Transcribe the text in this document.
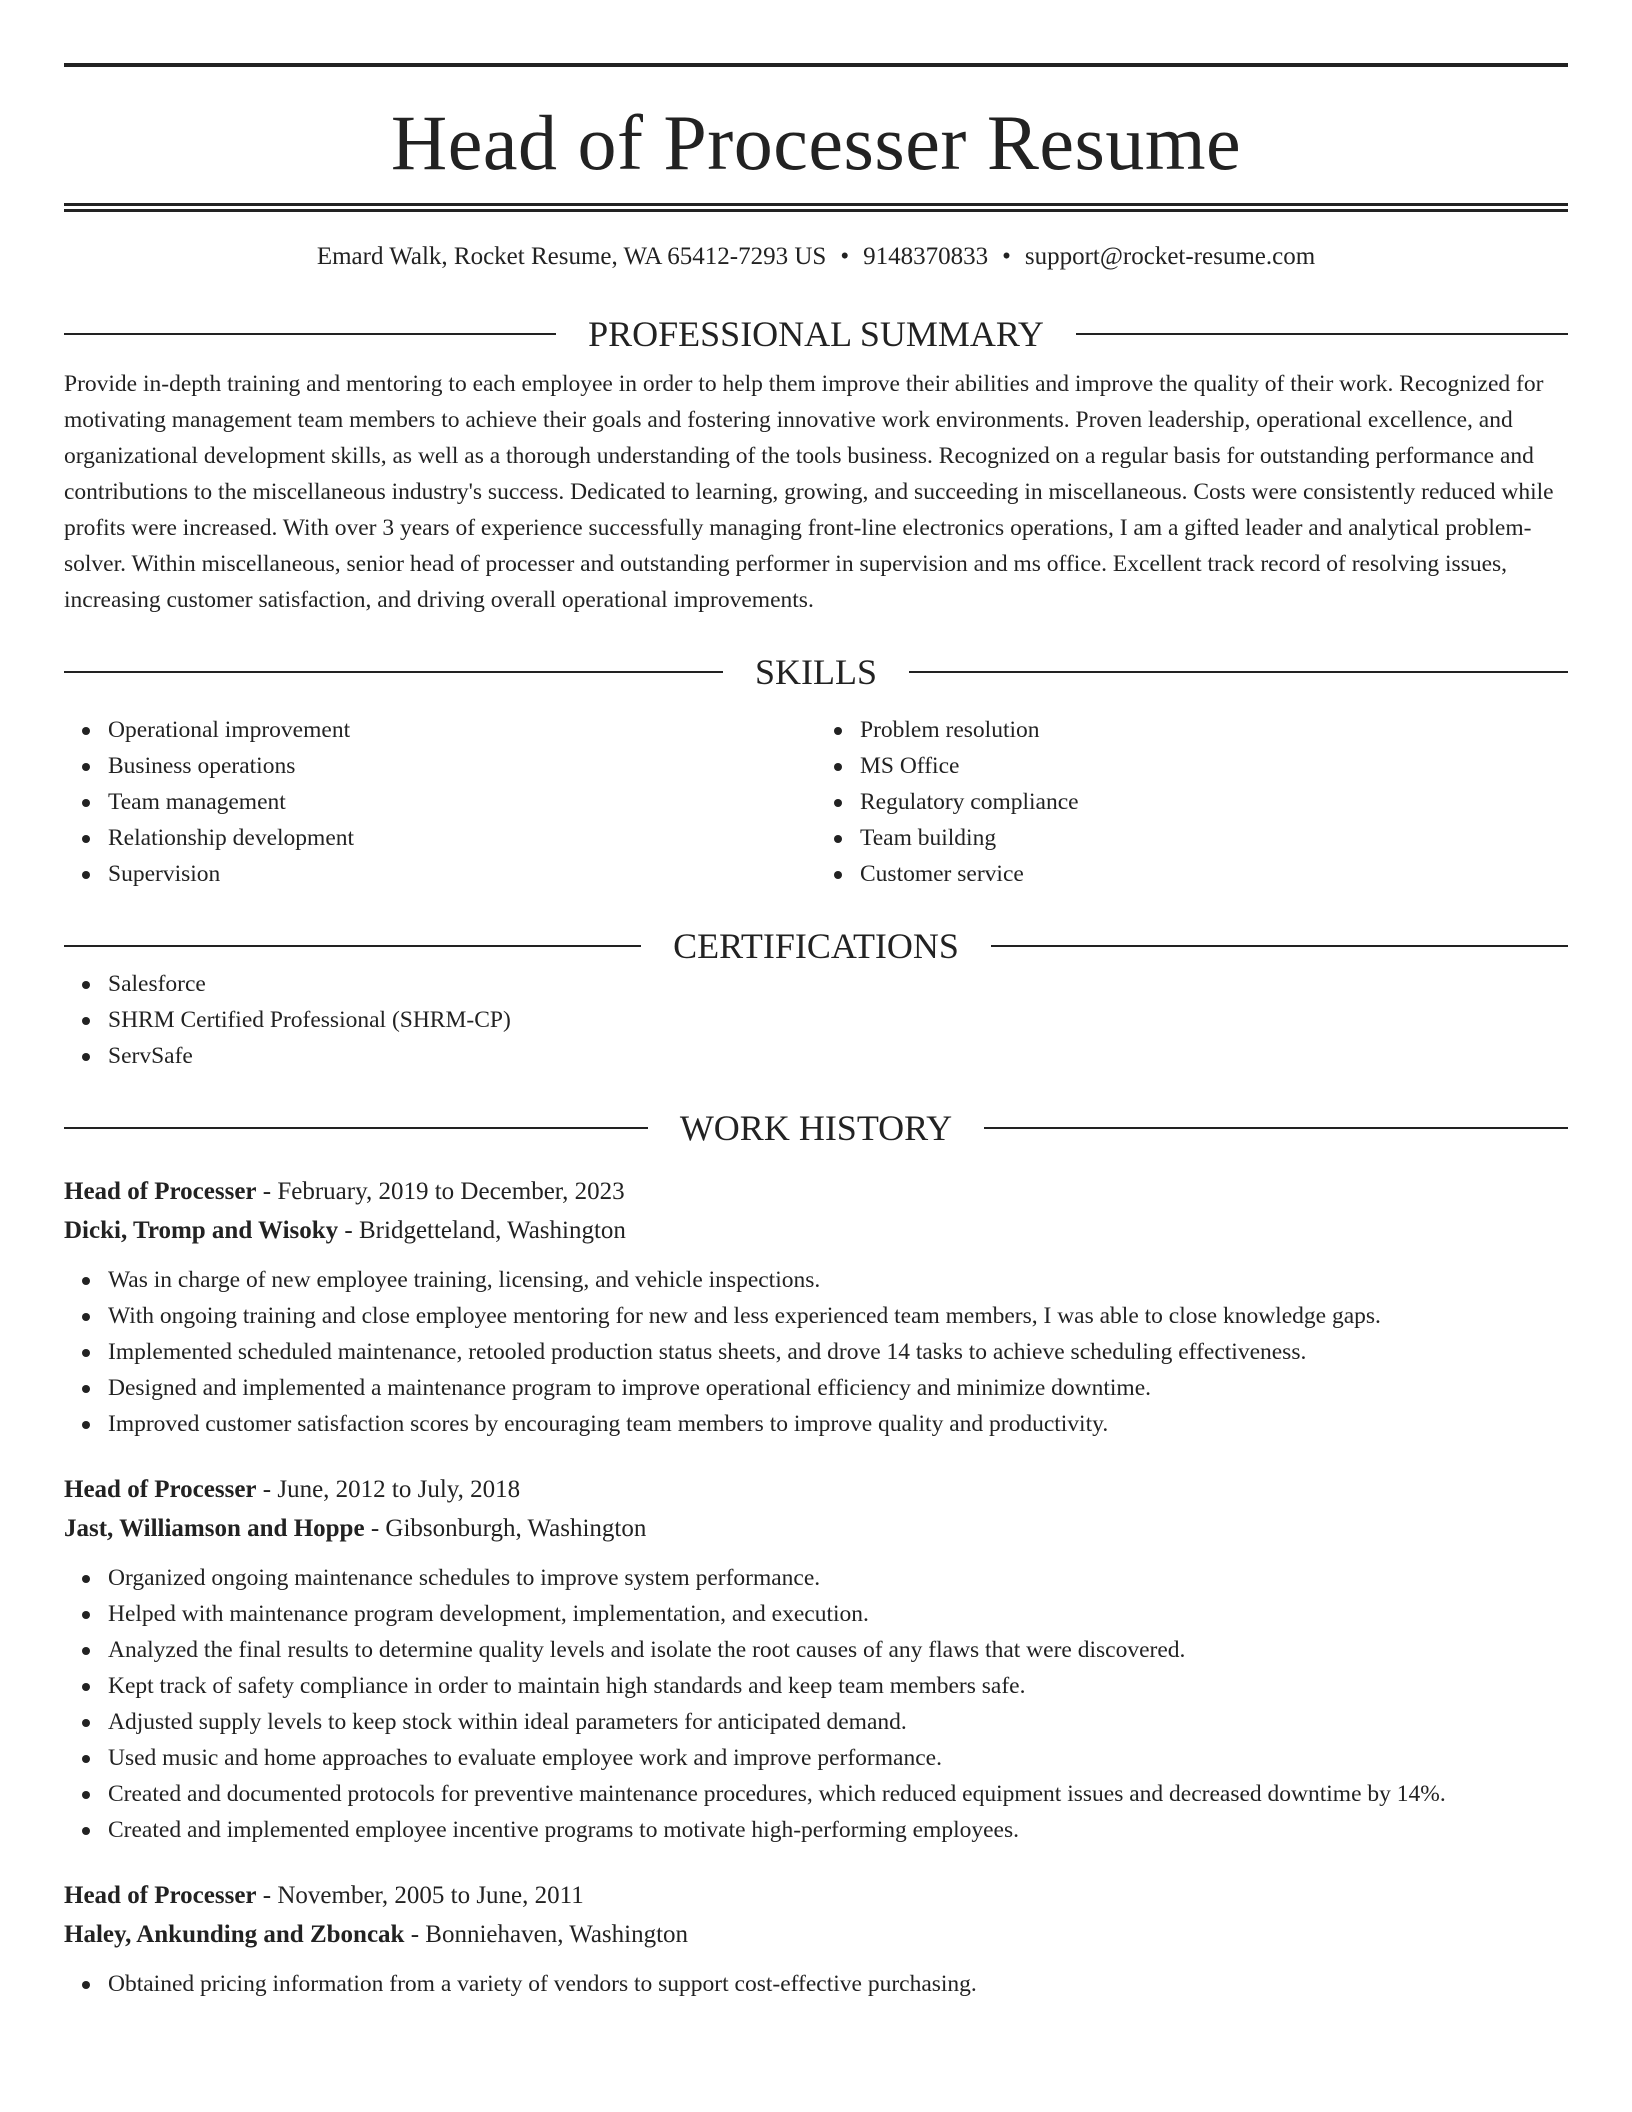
Head of Processer Resume
Emard Walk, Rocket Resume, WA 65412-7293 US • 9148370833 • support@rocket-resume.com
PROFESSIONAL SUMMARY

Provide in-depth training and mentoring to each employee in order to help them improve their abilities and improve the quality of their work. Recognized for motivating management team members to achieve their goals and fostering innovative work environments. Proven leadership, operational excellence, and organizational development skills, as well as a thorough understanding of the tools business. Recognized on a regular basis for outstanding performance and contributions to the miscellaneous industry's success. Dedicated to learning, growing, and succeeding in miscellaneous. Costs were consistently reduced while profits were increased. With over 3 years of experience successfully managing front-line electronics operations, I am a gifted leader and analytical problem-solver. Within miscellaneous, senior head of processer and outstanding performer in supervision and ms office. Excellent track record of resolving issues, increasing customer satisfaction, and driving overall operational improvements.

SKILLS
Operational improvement
Business operations
Team management
Relationship development
Supervision
Problem resolution
MS Office
Regulatory compliance
Team building
Customer service
CERTIFICATIONS
Salesforce
SHRM Certified Professional (SHRM-CP)
ServSafe
WORK HISTORY
Head of Processer - February, 2019 to December, 2023
Dicki, Tromp and Wisoky - Bridgetteland, Washington
Was in charge of new employee training, licensing, and vehicle inspections.
With ongoing training and close employee mentoring for new and less experienced team members, I was able to close knowledge gaps.
Implemented scheduled maintenance, retooled production status sheets, and drove 14 tasks to achieve scheduling effectiveness.
Designed and implemented a maintenance program to improve operational efficiency and minimize downtime.
Improved customer satisfaction scores by encouraging team members to improve quality and productivity.
Head of Processer - June, 2012 to July, 2018
Jast, Williamson and Hoppe - Gibsonburgh, Washington
Organized ongoing maintenance schedules to improve system performance.
Helped with maintenance program development, implementation, and execution.
Analyzed the final results to determine quality levels and isolate the root causes of any flaws that were discovered.
Kept track of safety compliance in order to maintain high standards and keep team members safe.
Adjusted supply levels to keep stock within ideal parameters for anticipated demand.
Used music and home approaches to evaluate employee work and improve performance.
Created and documented protocols for preventive maintenance procedures, which reduced equipment issues and decreased downtime by 14%.
Created and implemented employee incentive programs to motivate high-performing employees.
Head of Processer - November, 2005 to June, 2011
Haley, Ankunding and Zboncak - Bonniehaven, Washington
Obtained pricing information from a variety of vendors to support cost-effective purchasing.
